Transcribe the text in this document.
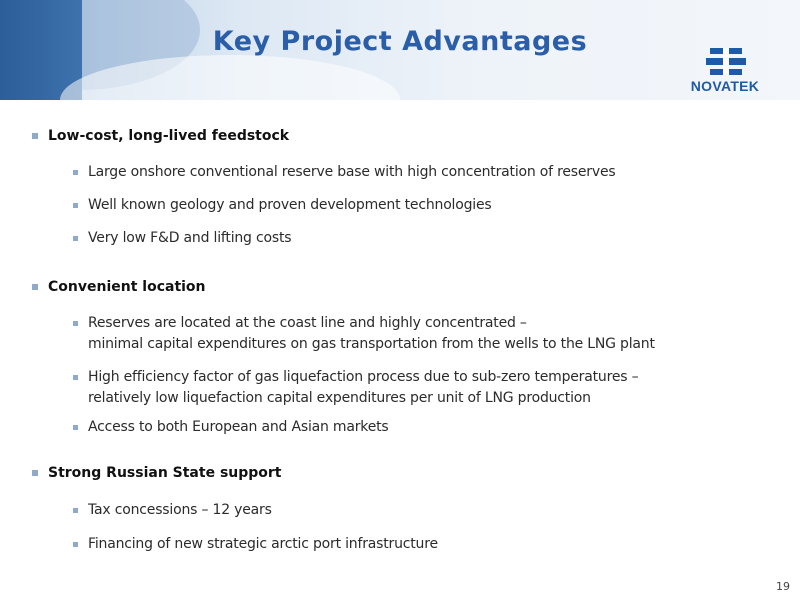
Key Project Advantages
NOVATEK
Low-cost, long-lived feedstock
Large onshore conventional reserve base with high concentration of reserves
Well known geology and proven development technologies
Very low F&D and lifting costs
Convenient location
Reserves are located at the coast line and highly concentrated –
minimal capital expenditures on gas transportation from the wells to the LNG plant
High efficiency factor of gas liquefaction process due to sub-zero temperatures –
relatively low liquefaction capital expenditures per unit of LNG production
Access to both European and Asian markets
Strong Russian State support
Tax concessions – 12 years
Financing of new strategic arctic port infrastructure
19
